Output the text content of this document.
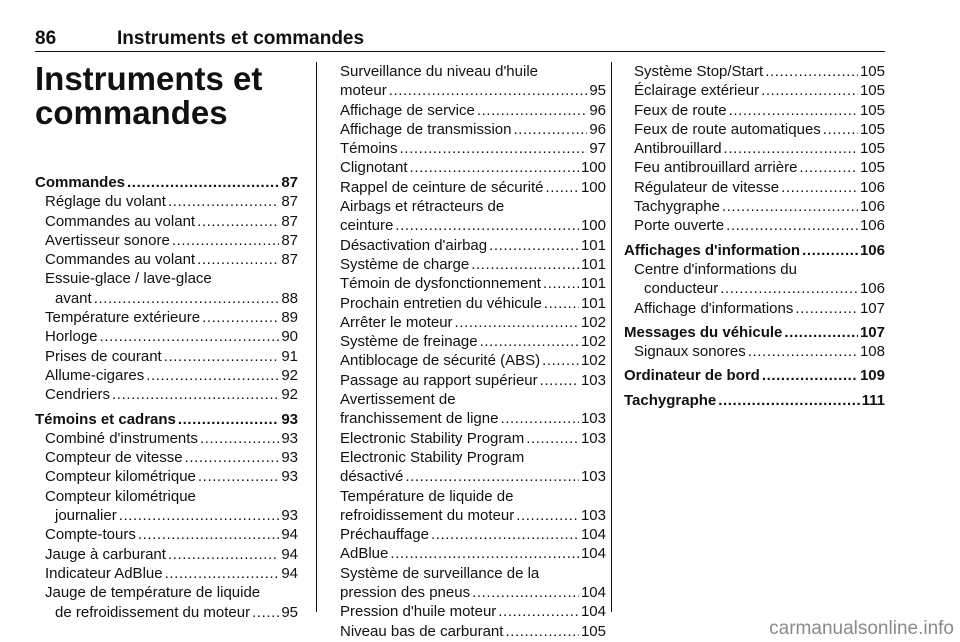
86	Instruments et commandes
Instruments et
commandes
Commandes .....	87
Réglage du volant .....	87
Commandes au volant .....	87
Avertisseur sonore .....	87
Commandes au volant .....	87
Essuie-glace / lave-glace
avant .....	88
Température extérieure .....	89
Horloge .....	90
Prises de courant .....	91
Allume-cigares .....	92
Cendriers .....	92
Témoins et cadrans .....	93
Combiné d'instruments .....	93
Compteur de vitesse .....	93
Compteur kilométrique .....	93
Compteur kilométrique
journalier .....	93
Compte-tours .....	94
Jauge à carburant .....	94
Indicateur AdBlue .....	94
Jauge de température de liquide
de refroidissement du moteur ..... 95
Surveillance du niveau d'huile
moteur .....	95
Affichage de service .....	96
Affichage de transmission .....	96
Témoins .....	97
Clignotant .....	100
Rappel de ceinture de sécurité .....	100
Airbags et rétracteurs de
ceinture .....	100
Désactivation d'airbag .....	101
Système de charge .....	101
Témoin de dysfonctionnement .....	101
Prochain entretien du véhicule .....	101
Arrêter le moteur .....	102
Système de freinage .....	102
Antiblocage de sécurité (ABS) .....	102
Passage au rapport supérieur .....	103
Avertissement de
franchissement de ligne .....	103
Electronic Stability Program .....	103
Electronic Stability Program
désactivé .....	103
Température de liquide de
refroidissement du moteur .....	103
Préchauffage .....	104
AdBlue .....	104
Système de surveillance de la
pression des pneus .....	104
Pression d'huile moteur .....	104
Niveau bas de carburant .....	105
Système Stop/Start .....	105
Éclairage extérieur .....	105
Feux de route .....	105
Feux de route automatiques .....	105
Antibrouillard .....	105
Feu antibrouillard arrière .....	105
Régulateur de vitesse .....	106
Tachygraphe .....	106
Porte ouverte .....	106
Affichages d'information .....	106
Centre d'informations du
conducteur .....	106
Affichage d'informations .....	107
Messages du véhicule .....	107
Signaux sonores .....	108
Ordinateur de bord .....	109
Tachygraphe .....	111
carmanualsonline.info
